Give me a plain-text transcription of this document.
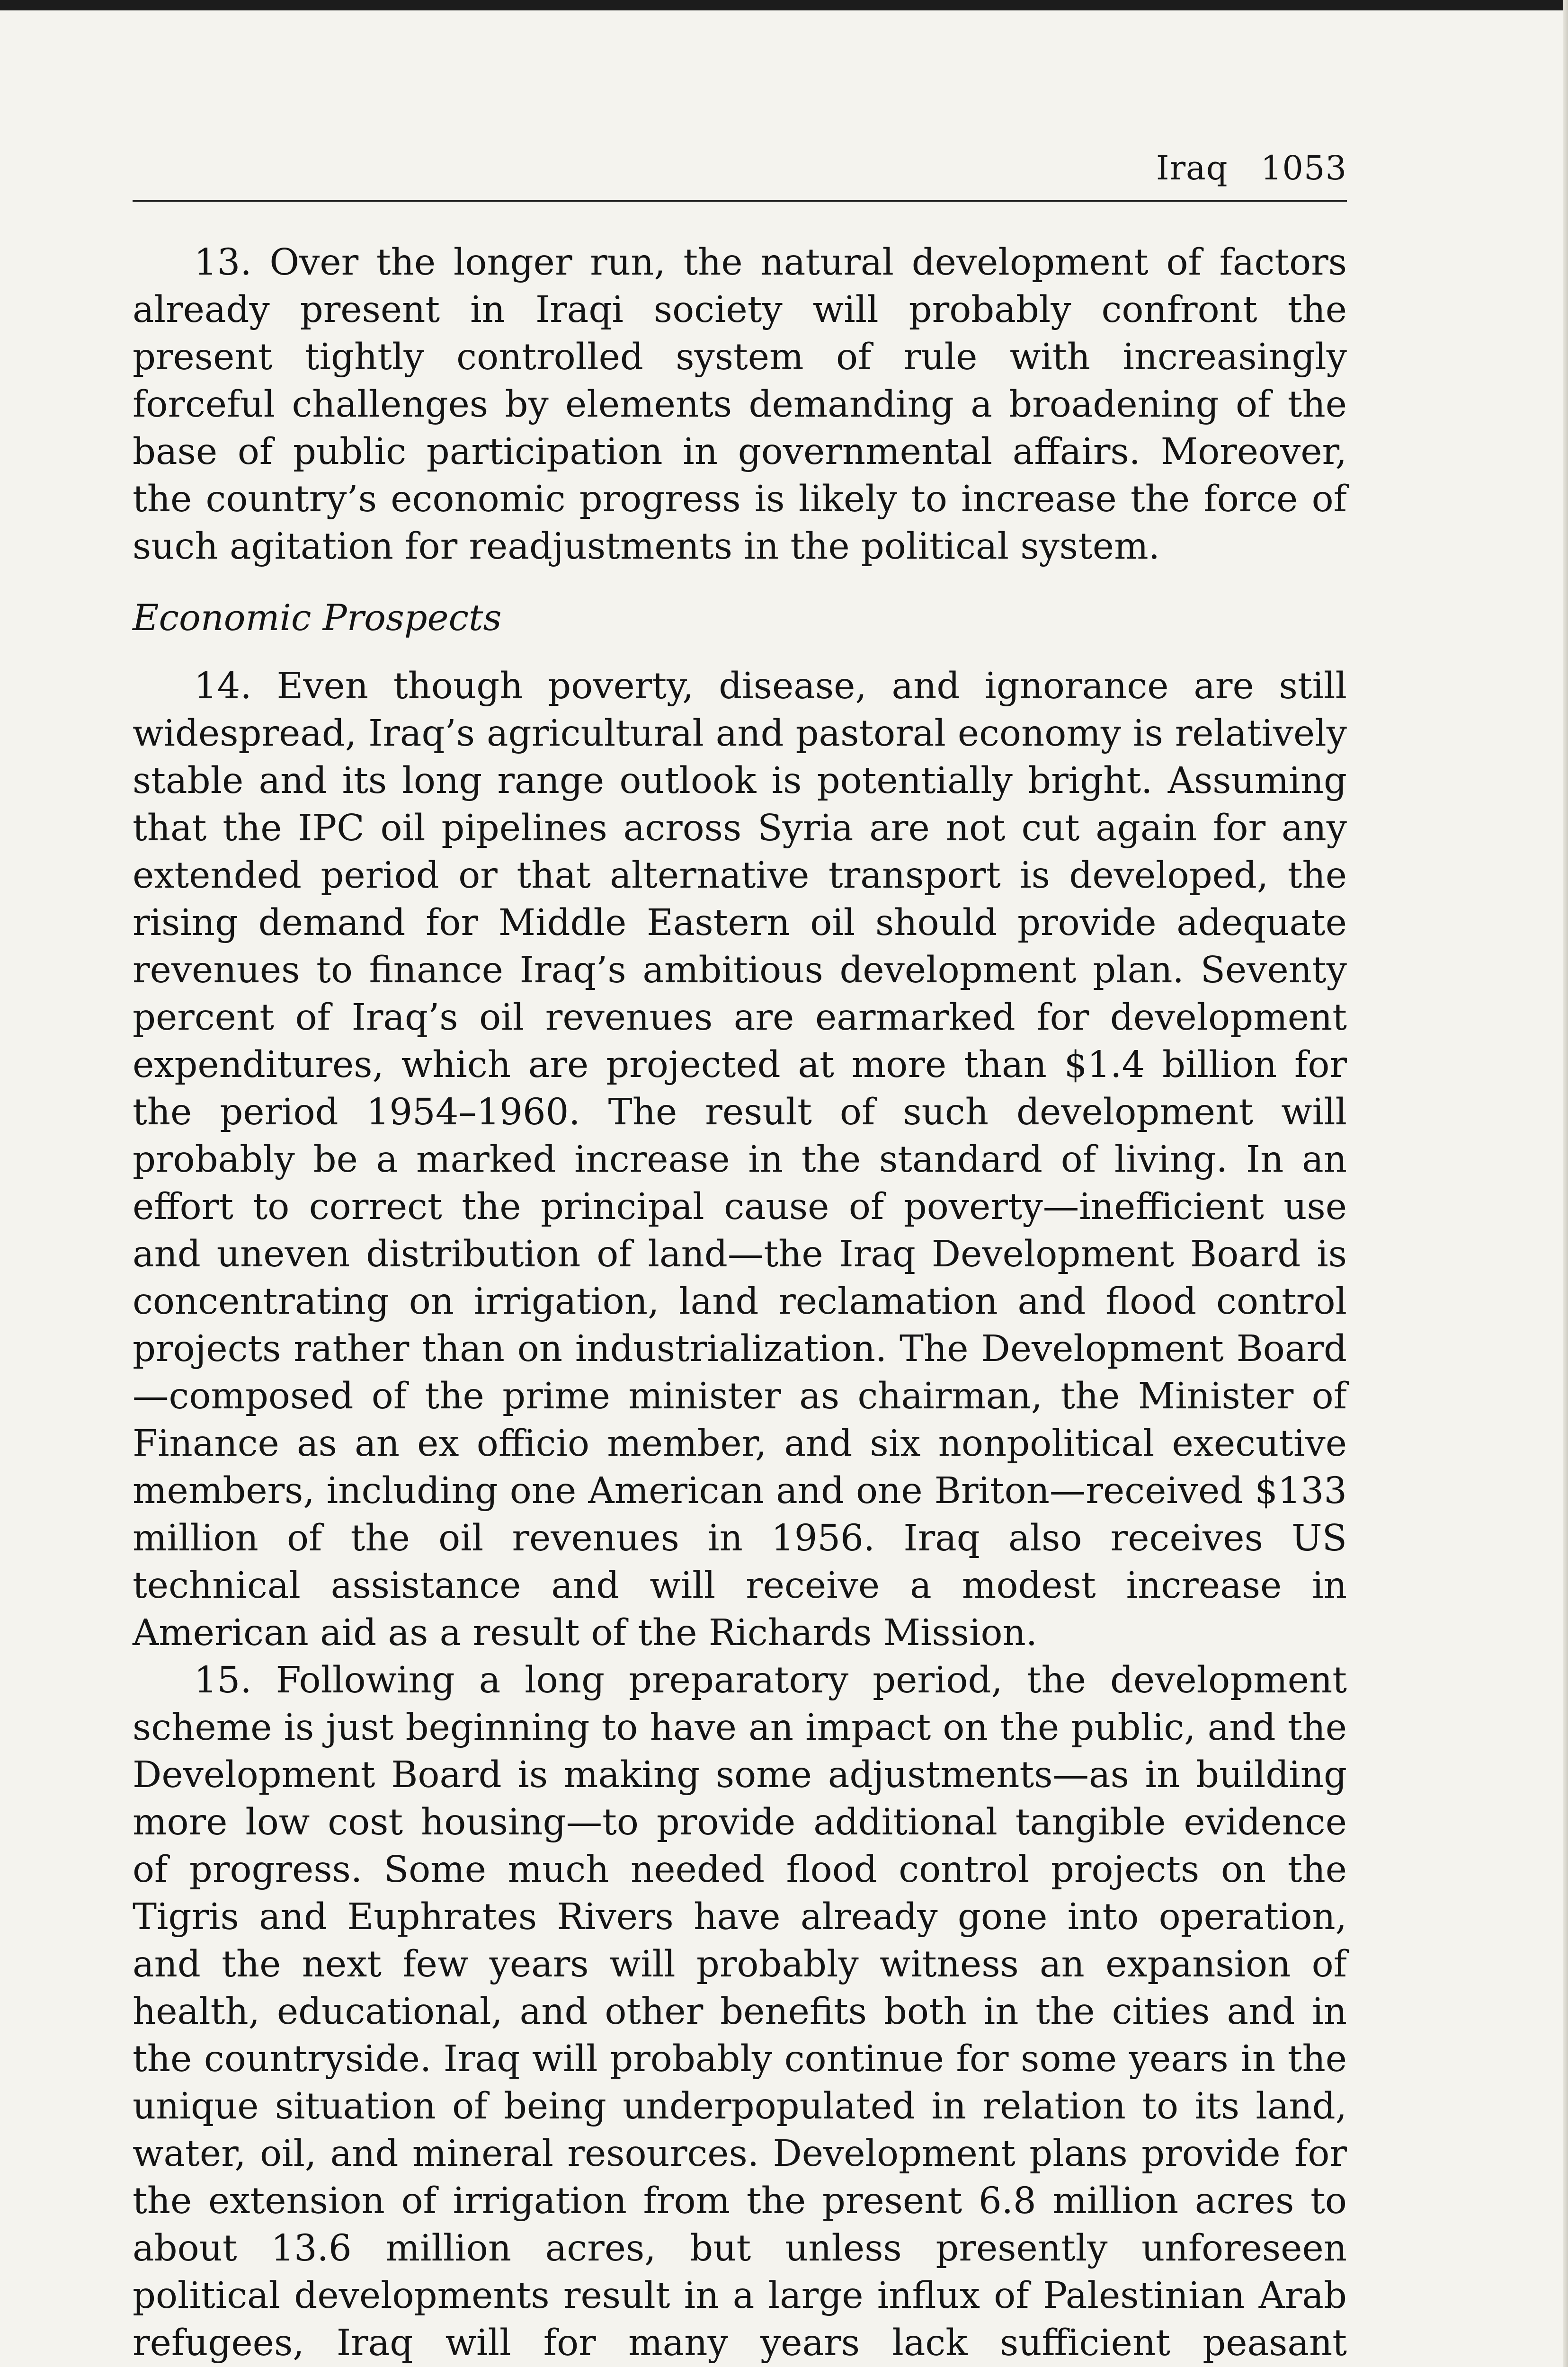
Iraq 1053

13. Over the longer run, the natural development of factors already present in Iraqi society will probably confront the present tightly controlled system of rule with increasingly forceful challenges by elements demanding a broadening of the base of public participation in governmental affairs. Moreover, the country’s economic progress is likely to increase the force of such agitation for readjustments in the political system.

Economic Prospects

14. Even though poverty, disease, and ignorance are still widespread, Iraq’s agricultural and pastoral economy is relatively stable and its long range outlook is potentially bright. Assuming that the IPC oil pipelines across Syria are not cut again for any extended period or that alternative transport is developed, the rising demand for Middle Eastern oil should provide adequate revenues to finance Iraq’s ambitious development plan. Seventy percent of Iraq’s oil revenues are earmarked for development expenditures, which are projected at more than $1.4 billion for the period 1954–1960. The result of such development will probably be a marked increase in the standard of living. In an effort to correct the principal cause of poverty—inefficient use and uneven distribution of land—the Iraq Development Board is concentrating on irrigation, land reclamation and flood control projects rather than on industrialization. The Development Board—composed of the prime minister as chairman, the Minister of Finance as an ex officio member, and six nonpolitical executive members, including one American and one Briton—received $133 million of the oil revenues in 1956. Iraq also receives US technical assistance and will receive a modest increase in American aid as a result of the Richards Mission.

15. Following a long preparatory period, the development scheme is just beginning to have an impact on the public, and the Development Board is making some adjustments—as in building more low cost housing—to provide additional tangible evidence of progress. Some much needed flood control projects on the Tigris and Euphrates Rivers have already gone into operation, and the next few years will probably witness an expansion of health, educational, and other benefits both in the cities and in the countryside. Iraq will probably continue for some years in the unique situation of being underpopulated in relation to its land, water, oil, and mineral resources. Development plans provide for the extension of irrigation from the present 6.8 million acres to about 13.6 million acres, but unless presently unforeseen political developments result in a large influx of Palestinian Arab refugees, Iraq will for many years lack sufficient peasant
